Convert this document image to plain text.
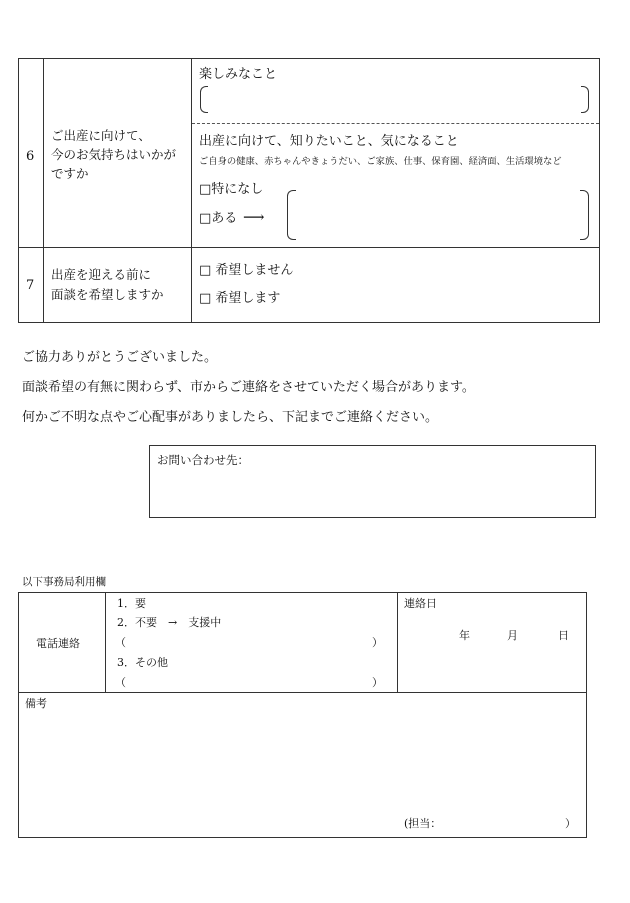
6
ご出産に向けて、
今のお気持ちはいかが
ですか
楽しみなこと
出産に向けて、知りたいこと、気になること
ご自身の健康、赤ちゃんやきょうだい、ご家族、仕事、保育園、経済面、生活環境など
□特になし
□ある ⟶
7
出産を迎える前に
面談を希望しますか
□ 希望しません
□ 希望します
ご協力ありがとうございました。
面談希望の有無に関わらず、市からご連絡をさせていただく場合があります。
何かご不明な点やご心配事がありましたら、下記までご連絡ください。
お問い合わせ先：
以下事務局利用欄
電話連絡
1．要
2．不要　→　支援中
（	）
3．その他
（	）
連絡日
年	月	日
備考
(担当：	）
